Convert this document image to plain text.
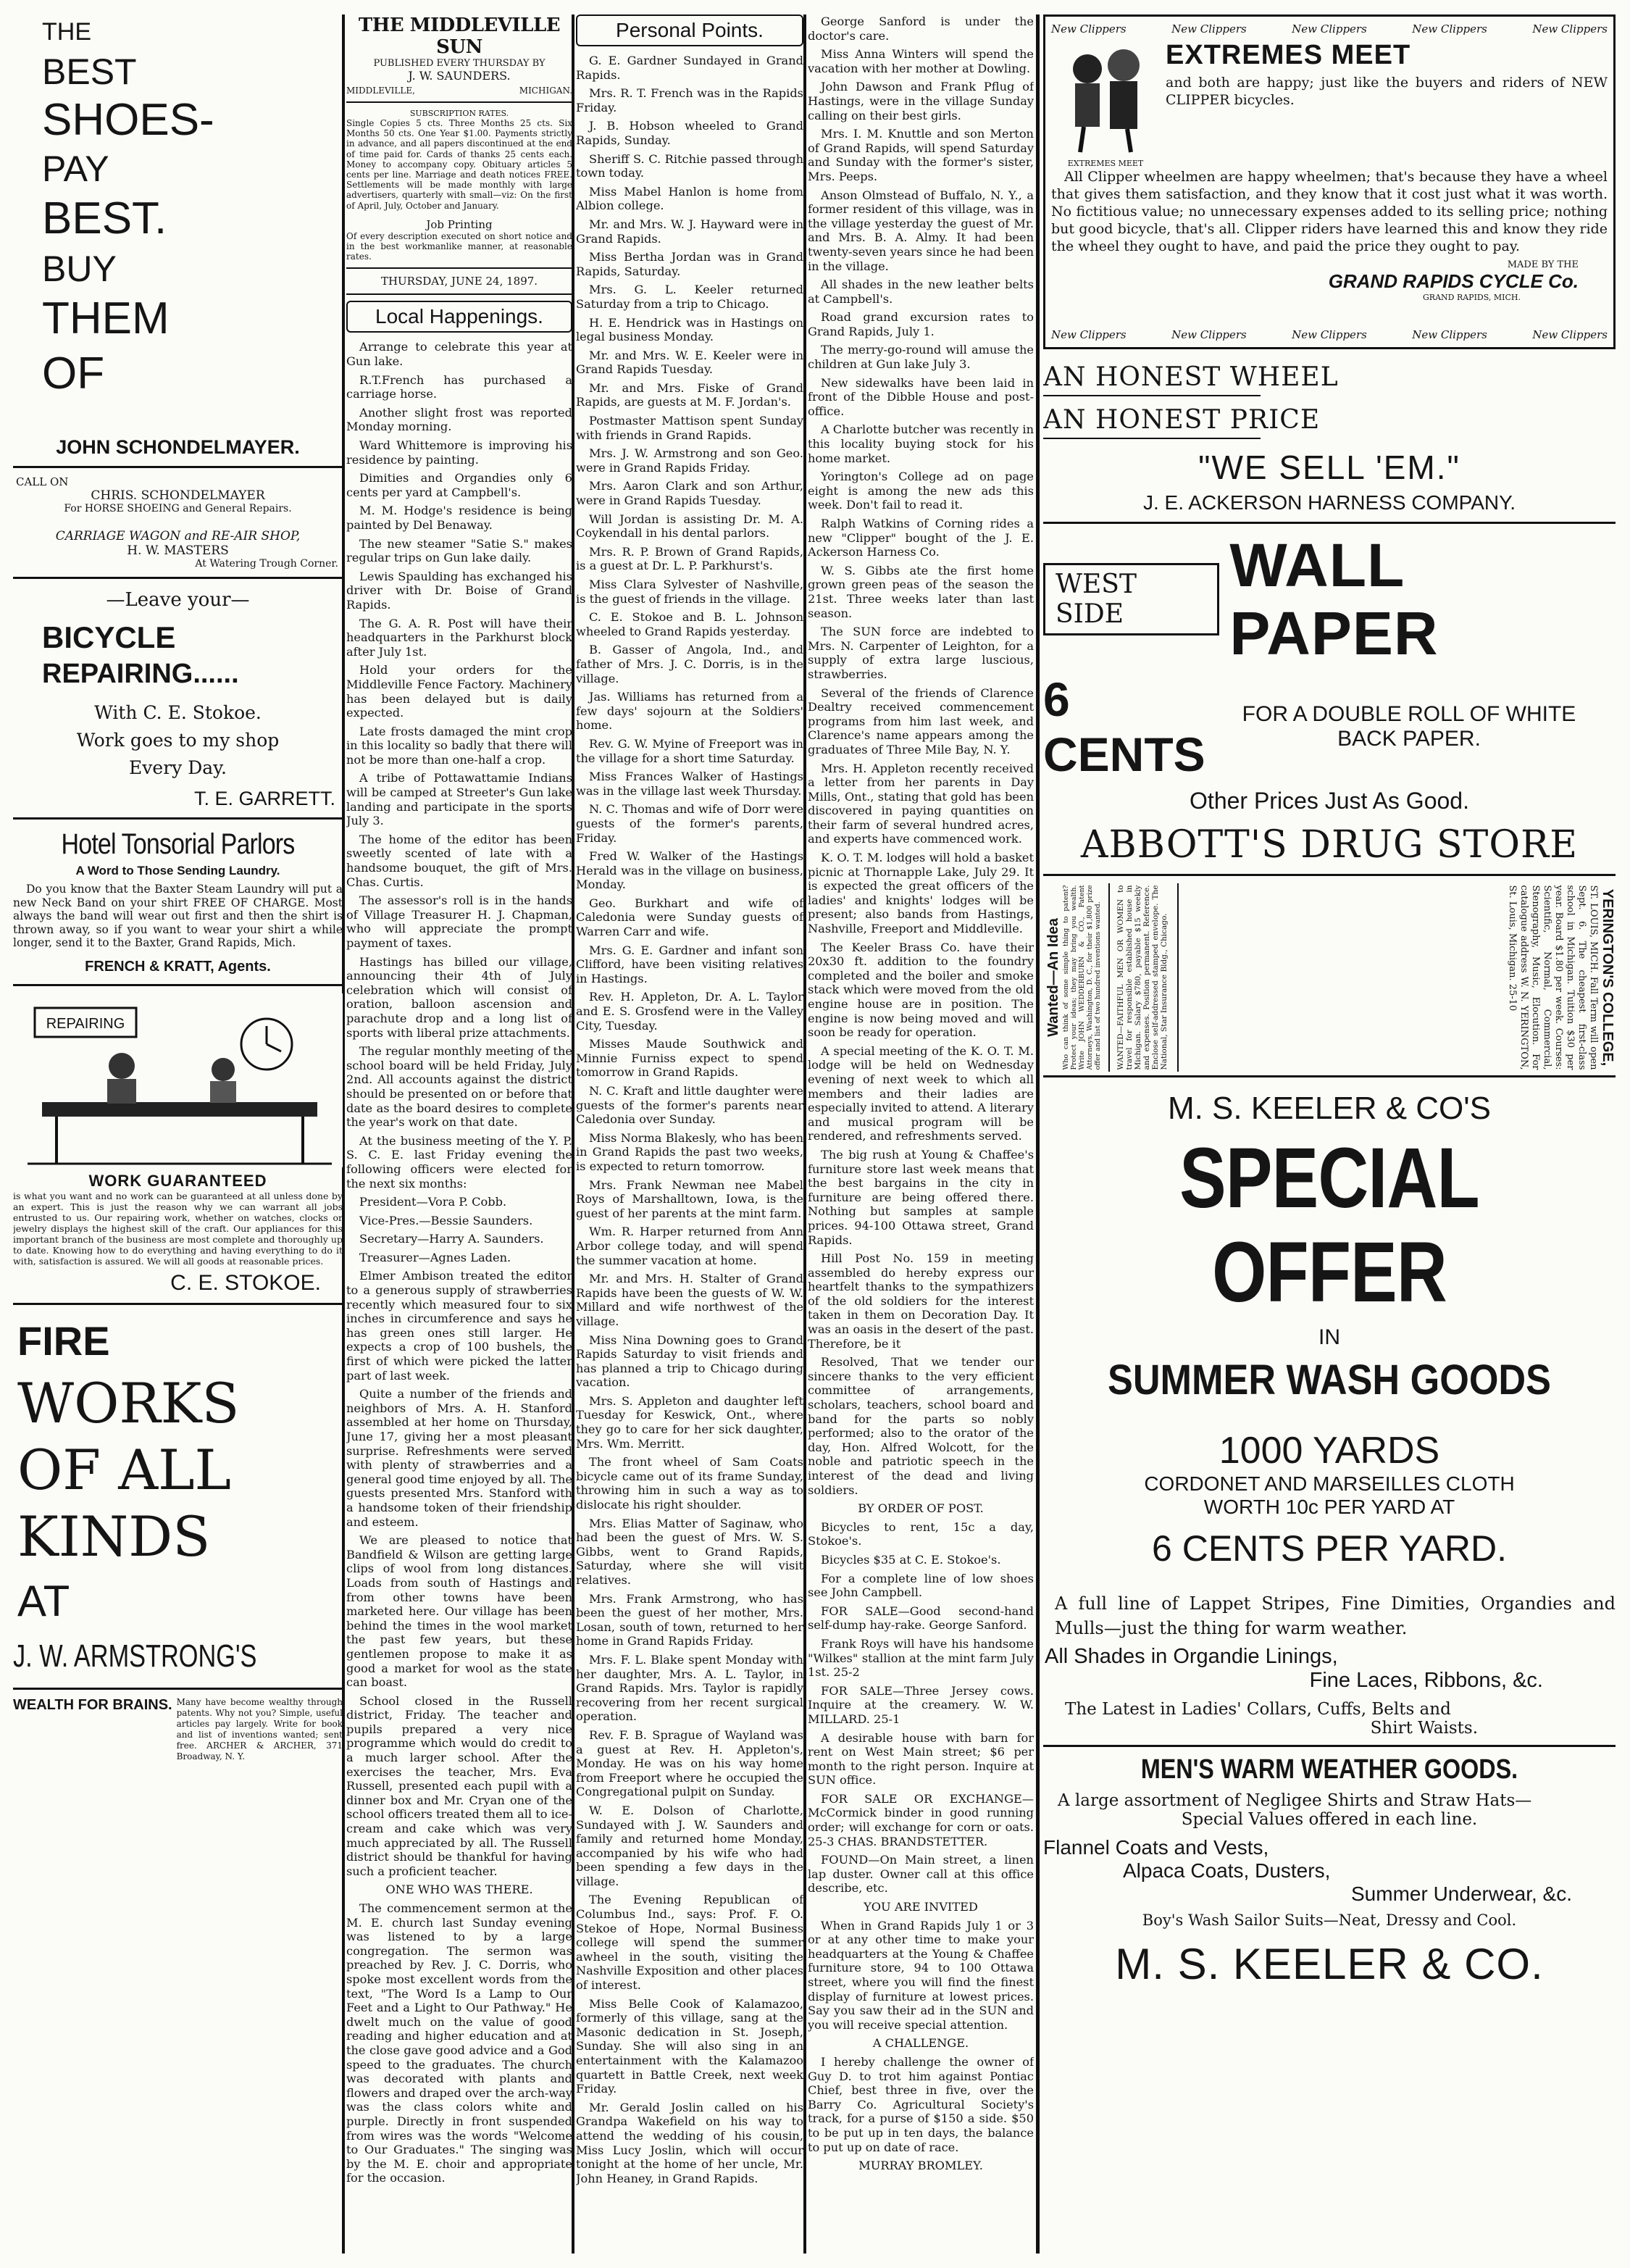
THE
BEST
SHOES-
PAY
BEST.
BUY
THEM
OF
JOHN SCHONDELMAYER.
CALL ON
CHRIS. SCHONDELMAYER
For HORSE SHOEING and General Repairs.
CARRIAGE WAGON and RE-AIR SHOP,
H. W. MASTERS
At Watering Trough Corner.
—Leave your—
BICYCLE
REPAIRING......
With C. E. Stokoe.
Work goes to my shop
Every Day.
T. E. GARRETT.
Hotel Tonsorial Parlors
A Word to Those Sending Laundry.

Do you know that the Baxter Steam Laundry will put a new Neck Band on your shirt FREE OF CHARGE. Most always the band will wear out first and then the shirt is thrown away, so if you want to wear your shirt a while longer, send it to the Baxter, Grand Rapids, Mich.

FRENCH & KRATT, Agents.
REPAIRING
WORK GUARANTEED

is what you want and no work can be guaranteed at all unless done by an expert. This is just the reason why we can warrant all jobs entrusted to us. Our repairing work, whether on watches, clocks or jewelry displays the highest skill of the craft. Our appliances for this important branch of the business are most complete and thoroughly up to date. Knowing how to do everything and having everything to do it with, satisfaction is assured. We will all goods at reasonable prices.

C. E. STOKOE.
FIRE
WORKS
OF ALL
KINDS
AT
J. W. ARMSTRONG'S
WEALTH FOR BRAINS. Many have become wealthy through patents. Why not you? Simple, useful articles pay largely. Write for book and list of inventions wanted; sent free. ARCHER & ARCHER, 371 Broadway, N. Y.

THE MIDDLEVILLE SUN
PUBLISHED EVERY THURSDAY BY
J. W. SAUNDERS.
MIDDLEVILLE,	MICHIGAN.
SUBSCRIPTION RATES.

Single Copies 5 cts. Three Months 25 cts. Six Months 50 cts. One Year $1.00. Payments strictly in advance, and all papers discontinued at the end of time paid for. Cards of thanks 25 cents each. Money to accompany copy. Obituary articles 5 cents per line. Marriage and death notices FREE. Settlements will be made monthly with large advertisers, quarterly with small—viz: On the first of April, July, October and January.

Job Printing

Of every description executed on short notice and in the best workmanlike manner, at reasonable rates.

THURSDAY, JUNE 24, 1897.
Local Happenings.

Arrange to celebrate this year at Gun lake.

R.T.French has purchased a carriage horse.

Another slight frost was reported Monday morning.

Ward Whittemore is improving his residence by painting.

Dimities and Organdies only 6 cents per yard at Campbell's.

M. M. Hodge's residence is being painted by Del Benaway.

The new steamer "Satie S." makes regular trips on Gun lake daily.

Lewis Spaulding has exchanged his driver with Dr. Boise of Grand Rapids.

The G. A. R. Post will have their headquarters in the Parkhurst block after July 1st.

Hold your orders for the Middleville Fence Factory. Machinery has been delayed but is daily expected.

Late frosts damaged the mint crop in this locality so badly that there will not be more than one-half a crop.

A tribe of Pottawattamie Indians will be camped at Streeter's Gun lake landing and participate in the sports July 3.

The home of the editor has been sweetly scented of late with a handsome bouquet, the gift of Mrs. Chas. Curtis.

The assessor's roll is in the hands of Village Treasurer H. J. Chapman, who will appreciate the prompt payment of taxes.

Hastings has billed our village, announcing their 4th of July celebration which will consist of oration, balloon ascension and parachute drop and a long list of sports with liberal prize attachments.

The regular monthly meeting of the school board will be held Friday, July 2nd. All accounts against the district should be presented on or before that date as the board desires to complete the year's work on that date.

At the business meeting of the Y. P. S. C. E. last Friday evening the following officers were elected for the next six months:

President—Vora P. Cobb.

Vice-Pres.—Bessie Saunders.

Secretary—Harry A. Saunders.

Treasurer—Agnes Laden.

Elmer Ambison treated the editor to a generous supply of strawberries recently which measured four to six inches in circumference and says he has green ones still larger. He expects a crop of 100 bushels, the first of which were picked the latter part of last week.

Quite a number of the friends and neighbors of Mrs. A. H. Stanford assembled at her home on Thursday, June 17, giving her a most pleasant surprise. Refreshments were served with plenty of strawberries and a general good time enjoyed by all. The guests presented Mrs. Stanford with a handsome token of their friendship and esteem.

We are pleased to notice that Bandfield & Wilson are getting large clips of wool from long distances. Loads from south of Hastings and from other towns have been marketed here. Our village has been behind the times in the wool market the past few years, but these gentlemen propose to make it as good a market for wool as the state can boast.

School closed in the Russell district, Friday. The teacher and pupils prepared a very nice programme which would do credit to a much larger school. After the exercises the teacher, Mrs. Eva Russell, presented each pupil with a dinner box and Mr. Cryan one of the school officers treated them all to ice-cream and cake which was very much appreciated by all. The Russell district should be thankful for having such a proficient teacher.

ONE WHO WAS THERE.

The commencement sermon at the M. E. church last Sunday evening was listened to by a large congregation. The sermon was preached by Rev. J. C. Dorris, who spoke most excellent words from the text, "The Word Is a Lamp to Our Feet and a Light to Our Pathway." He dwelt much on the value of good reading and higher education and at the close gave good advice and a God speed to the graduates. The church was decorated with plants and flowers and draped over the arch-way was the class colors white and purple. Directly in front suspended from wires was the words "Welcome to Our Graduates." The singing was by the M. E. choir and appropriate for the occasion.

Personal Points.

G. E. Gardner Sundayed in Grand Rapids.

Mrs. R. T. French was in the Rapids Friday.

J. B. Hobson wheeled to Grand Rapids, Sunday.

Sheriff S. C. Ritchie passed through town today.

Miss Mabel Hanlon is home from Albion college.

Mr. and Mrs. W. J. Hayward were in Grand Rapids.

Miss Bertha Jordan was in Grand Rapids, Saturday.

Mrs. G. L. Keeler returned Saturday from a trip to Chicago.

H. E. Hendrick was in Hastings on legal business Monday.

Mr. and Mrs. W. E. Keeler were in Grand Rapids Tuesday.

Mr. and Mrs. Fiske of Grand Rapids, are guests at M. F. Jordan's.

Postmaster Mattison spent Sunday with friends in Grand Rapids.

Mrs. J. W. Armstrong and son Geo. were in Grand Rapids Friday.

Mrs. Aaron Clark and son Arthur, were in Grand Rapids Tuesday.

Will Jordan is assisting Dr. M. A. Coykendall in his dental parlors.

Mrs. R. P. Brown of Grand Rapids, is a guest at Dr. L. P. Parkhurst's.

Miss Clara Sylvester of Nashville, is the guest of friends in the village.

C. E. Stokoe and B. L. Johnson wheeled to Grand Rapids yesterday.

B. Gasser of Angola, Ind., and father of Mrs. J. C. Dorris, is in the village.

Jas. Williams has returned from a few days' sojourn at the Soldiers' home.

Rev. G. W. Myine of Freeport was in the village for a short time Saturday.

Miss Frances Walker of Hastings was in the village last week Thursday.

N. C. Thomas and wife of Dorr were guests of the former's parents, Friday.

Fred W. Walker of the Hastings Herald was in the village on business, Monday.

Geo. Burkhart and wife of Caledonia were Sunday guests of Warren Carr and wife.

Mrs. G. E. Gardner and infant son Clifford, have been visiting relatives in Hastings.

Rev. H. Appleton, Dr. A. L. Taylor and E. S. Grosfend were in the Valley City, Tuesday.

Misses Maude Southwick and Minnie Furniss expect to spend tomorrow in Grand Rapids.

N. C. Kraft and little daughter were guests of the former's parents near Caledonia over Sunday.

Miss Norma Blakesly, who has been in Grand Rapids the past two weeks, is expected to return tomorrow.

Mrs. Frank Newman nee Mabel Roys of Marshalltown, Iowa, is the guest of her parents at the mint farm.

Wm. R. Harper returned from Ann Arbor college today, and will spend the summer vacation at home.

Mr. and Mrs. H. Stalter of Grand Rapids have been the guests of W. W. Millard and wife northwest of the village.

Miss Nina Downing goes to Grand Rapids Saturday to visit friends and has planned a trip to Chicago during vacation.

Mrs. S. Appleton and daughter left Tuesday for Keswick, Ont., where they go to care for her sick daughter, Mrs. Wm. Merritt.

The front wheel of Sam Coats bicycle came out of its frame Sunday, throwing him in such a way as to dislocate his right shoulder.

Mrs. Elias Matter of Saginaw, who had been the guest of Mrs. W. S. Gibbs, went to Grand Rapids, Saturday, where she will visit relatives.

Mrs. Frank Armstrong, who has been the guest of her mother, Mrs. Losan, south of town, returned to her home in Grand Rapids Friday.

Mrs. F. L. Blake spent Monday with her daughter, Mrs. A. L. Taylor, in Grand Rapids. Mrs. Taylor is rapidly recovering from her recent surgical operation.

Rev. F. B. Sprague of Wayland was a guest at Rev. H. Appleton's, Monday. He was on his way home from Freeport where he occupied the Congregational pulpit on Sunday.

W. E. Dolson of Charlotte, Sundayed with J. W. Saunders and family and returned home Monday, accompanied by his wife who had been spending a few days in the village.

The Evening Republican of Columbus Ind., says: Prof. F. O. Stekoe of Hope, Normal Business college will spend the summer awheel in the south, visiting the Nashville Exposition and other places of interest.

Miss Belle Cook of Kalamazoo, formerly of this village, sang at the Masonic dedication in St. Joseph, Sunday. She will also sing in an entertainment with the Kalamazoo quartett in Battle Creek, next week Friday.

Mr. Gerald Joslin called on his Grandpa Wakefield on his way to attend the wedding of his cousin, Miss Lucy Joslin, which will occur tonight at the home of her uncle, Mr. John Heaney, in Grand Rapids.

George Sanford is under the doctor's care.

Miss Anna Winters will spend the vacation with her mother at Dowling.

John Dawson and Frank Pflug of Hastings, were in the village Sunday calling on their best girls.

Mrs. I. M. Knuttle and son Merton of Grand Rapids, will spend Saturday and Sunday with the former's sister, Mrs. Peeps.

Anson Olmstead of Buffalo, N. Y., a former resident of this village, was in the village yesterday the guest of Mr. and Mrs. B. A. Almy. It had been twenty-seven years since he had been in the village.

All shades in the new leather belts at Campbell's.

Road grand excursion rates to Grand Rapids, July 1.

The merry-go-round will amuse the children at Gun lake July 3.

New sidewalks have been laid in front of the Dibble House and post-office.

A Charlotte butcher was recently in this locality buying stock for his home market.

Yorington's College ad on page eight is among the new ads this week. Don't fail to read it.

Ralph Watkins of Corning rides a new "Clipper" bought of the J. E. Ackerson Harness Co.

W. S. Gibbs ate the first home grown green peas of the season the 21st. Three weeks later than last season.

The SUN force are indebted to Mrs. N. Carpenter of Leighton, for a supply of extra large luscious, strawberries.

Several of the friends of Clarence Dealtry received commencement programs from him last week, and Clarence's name appears among the graduates of Three Mile Bay, N. Y.

Mrs. H. Appleton recently received a letter from her parents in Day Mills, Ont., stating that gold has been discovered in paying quantities on their farm of several hundred acres, and experts have commenced work.

K. O. T. M. lodges will hold a basket picnic at Thornapple Lake, July 29. It is expected the great officers of the ladies' and knights' lodges will be present; also bands from Hastings, Nashville, Freeport and Middleville.

The Keeler Brass Co. have their 20x30 ft. addition to the foundry completed and the boiler and smoke stack which were moved from the old engine house are in position. The engine is now being moved and will soon be ready for operation.

A special meeting of the K. O. T. M. lodge will be held on Wednesday evening of next week to which all members and their ladies are especially invited to attend. A literary and musical program will be rendered, and refreshments served.

The big rush at Young & Chaffee's furniture store last week means that the best bargains in the city in furniture are being offered there. Nothing but samples at sample prices. 94-100 Ottawa street, Grand Rapids.

Hill Post No. 159 in meeting assembled do hereby express our heartfelt thanks to the sympathizers of the old soldiers for the interest taken in them on Decoration Day. It was an oasis in the desert of the past. Therefore, be it

Resolved, That we tender our sincere thanks to the very efficient committee of arrangements, scholars, teachers, school board and band for the parts so nobly performed; also to the orator of the day, Hon. Alfred Wolcott, for the noble and patriotic speech in the interest of the dead and living soldiers.

BY ORDER OF POST.

Bicycles to rent, 15c a day, Stokoe's.

Bicycles $35 at C. E. Stokoe's.

For a complete line of low shoes see John Campbell.

FOR SALE—Good second-hand self-dump hay-rake. George Sanford.

Frank Roys will have his handsome "Wilkes" stallion at the mint farm July 1st. 25-2

FOR SALE—Three Jersey cows. Inquire at the creamery. W. W. MILLARD. 25-1

A desirable house with barn for rent on West Main street; $6 per month to the right person. Inquire at SUN office.

FOR SALE OR EXCHANGE—McCormick binder in good running order; will exchange for corn or oats. 25-3 CHAS. BRANDSTETTER.

FOUND—On Main street, a linen lap duster. Owner call at this office describe, etc.

YOU ARE INVITED

When in Grand Rapids July 1 or 3 or at any other time to make your headquarters at the Young & Chaffee furniture store, 94 to 100 Ottawa street, where you will find the finest display of furniture at lowest prices. Say you saw their ad in the SUN and you will receive special attention.

A CHALLENGE.

I hereby challenge the owner of Guy D. to trot him against Pontiac Chief, best three in five, over the Barry Co. Agricultural Society's track, for a purse of $150 a side. $50 to be put up in ten days, the balance to put up on date of race.

MURRAY BROMLEY.

New Clippers	New Clippers	New Clippers	New Clippers	New Clippers
EXTREMES MEET
EXTREMES MEET

and both are happy; just like the buyers and riders of NEW CLIPPER bicycles.

All Clipper wheelmen are happy wheelmen; that's because they have a wheel that gives them satisfaction, and they know that it cost just what it was worth. No fictitious value; no unnecessary expenses added to its selling price; nothing but good bicycle, that's all. Clipper riders have learned this and know they ride the wheel they ought to have, and paid the price they ought to pay.

MADE BY THE
GRAND RAPIDS CYCLE Co.
GRAND RAPIDS, MICH.
New Clippers	New Clippers	New Clippers	New Clippers	New Clippers
AN HONEST WHEEL
AN HONEST PRICE
"WE SELL 'EM."
J. E. ACKERSON HARNESS COMPANY.
WEST SIDE
WALL PAPER
6 CENTS
FOR A DOUBLE ROLL OF WHITE BACK PAPER.
Other Prices Just As Good.
ABBOTT'S DRUG STORE
Wanted—An Idea Who can think of some simple thing to patent? Protect your ideas; they may bring you wealth. Write JOHN WEDDERBURN & CO., Patent Attorneys, Washington, D. C., for their $1,800 prize offer and list of two hundred inventions wanted. WANTED—FAITHFUL MEN OR WOMEN to travel for responsible established house in Michigan. Salary $780, payable $15 weekly and expenses. Position permanent. Reference. Enclose self-addressed stamped envelope. The National, Star Insurance Bldg., Chicago.	YERINGTON'S COLLEGE,

ST. LOUIS, MICH. Fall Term will open Sept. 6. The cheapest first-class school in Michigan. Tuition $30 per year. Board $1.80 per week. Courses: Scientific, Normal, Commercial, Stenography, Music, Elocution. For catalogue address W. N. YERINGTON, St. Louis, Michigan. 25-10

M. S. KEELER & CO'S
SPECIAL OFFER
IN
SUMMER WASH GOODS
1000 YARDS
CORDONET AND MARSEILLES CLOTH
WORTH 10c PER YARD AT
6 CENTS PER YARD.

A full line of Lappet Stripes, Fine Dimities, Organdies and Mulls—just the thing for warm weather.

All Shades in Organdie Linings,
Fine Laces, Ribbons, &c.
The Latest in Ladies' Collars, Cuffs, Belts and
Shirt Waists.
MEN'S WARM WEATHER GOODS.
A large assortment of Negligee Shirts and Straw Hats—
Special Values offered in each line.
Flannel Coats and Vests,
Alpaca Coats, Dusters,
Summer Underwear, &c.
Boy's Wash Sailor Suits—Neat, Dressy and Cool.
M. S. KEELER & CO.
